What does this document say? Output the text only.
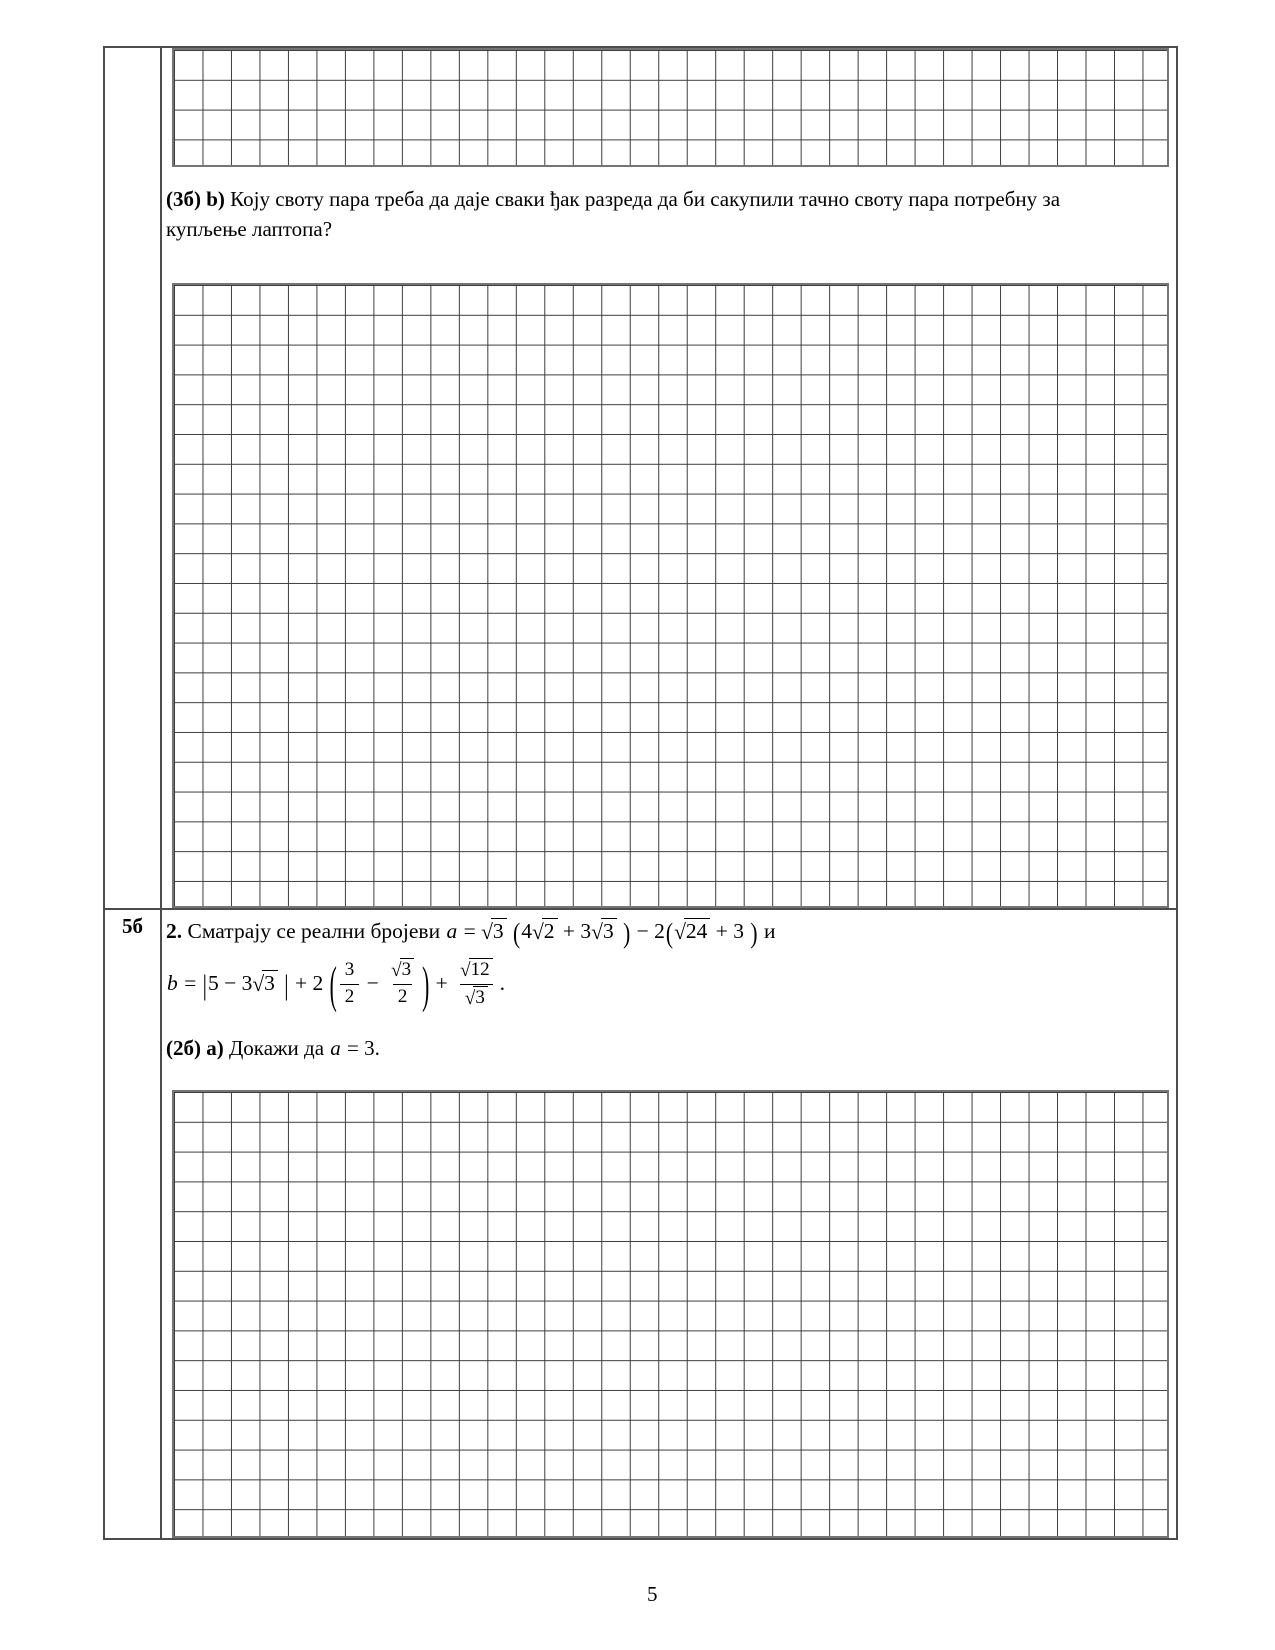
(3б) b) Коју своту пара треба да даје сваки ђак разреда да би сакупили тачно своту пара потребну за купљење лаптопа?
5б	2. Сматрају се реални бројеви a = √3 (4√2 + 3√3 ) − 2(√24 + 3 ) и
b = |5 − 3√3 | + 2 ( $\frac{3}{2} - \frac{√3}{2}$ ) + $\frac{√12}{√3}$ .
(2б) a) Докажи да a = 3.
5
